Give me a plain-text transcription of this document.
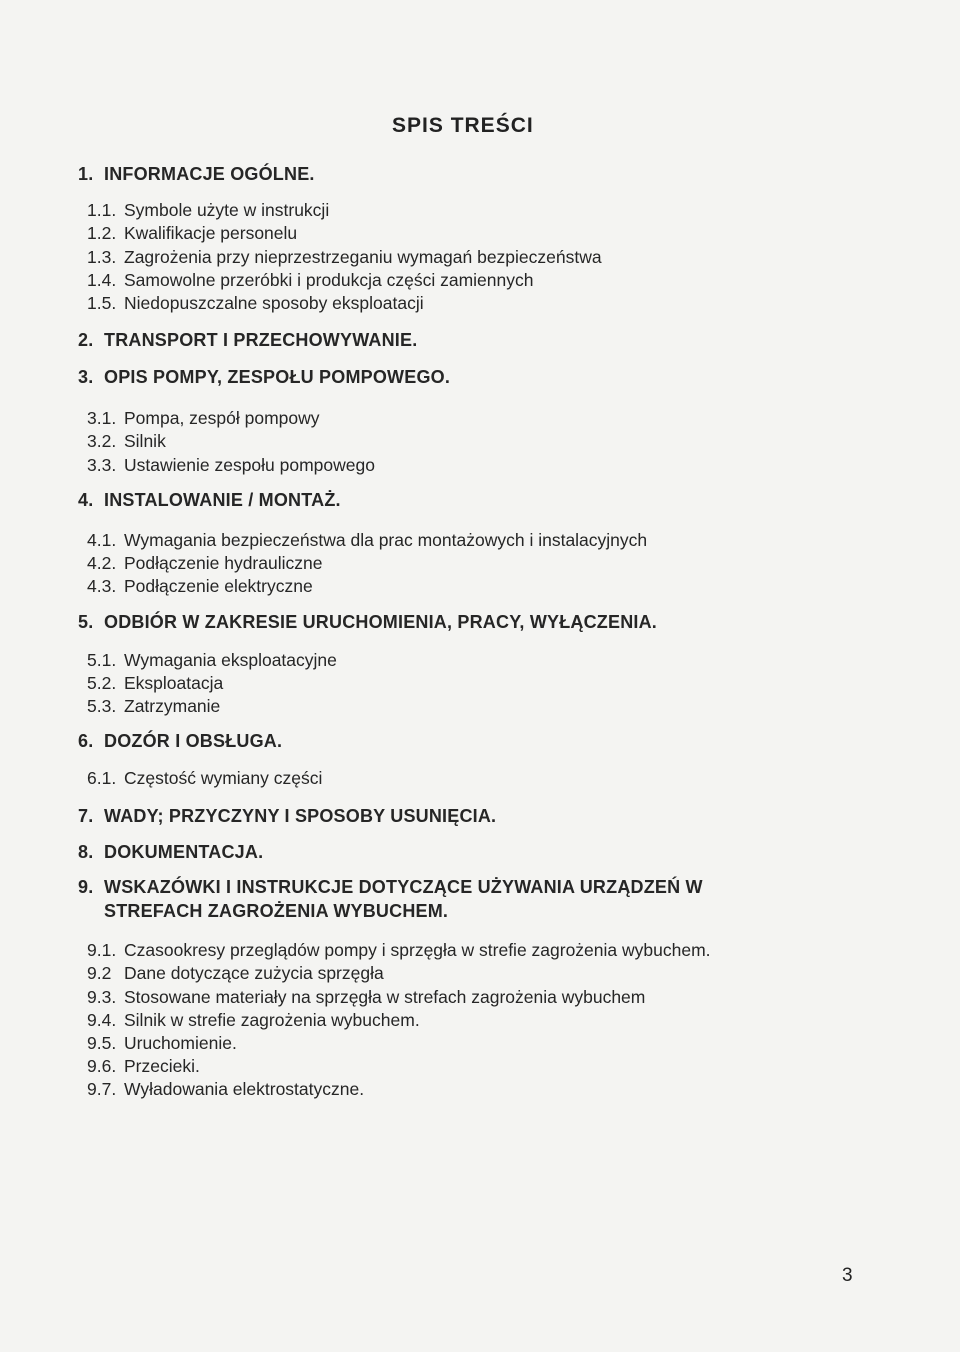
SPIS TREŚCI
1. INFORMACJE OGÓLNE.
1.1. Symbole użyte w instrukcji
1.2. Kwalifikacje personelu
1.3. Zagrożenia przy nieprzestrzeganiu wymagań bezpieczeństwa
1.4. Samowolne przeróbki i produkcja części zamiennych
1.5. Niedopuszczalne sposoby eksploatacji
2. TRANSPORT I PRZECHOWYWANIE.
3. OPIS POMPY, ZESPOŁU POMPOWEGO.
3.1. Pompa, zespół pompowy
3.2. Silnik
3.3. Ustawienie zespołu pompowego
4. INSTALOWANIE / MONTAŻ.
4.1. Wymagania bezpieczeństwa dla prac montażowych i instalacyjnych
4.2. Podłączenie hydrauliczne
4.3. Podłączenie elektryczne
5. ODBIÓR W ZAKRESIE URUCHOMIENIA, PRACY, WYŁĄCZENIA.
5.1. Wymagania eksploatacyjne
5.2. Eksploatacja
5.3. Zatrzymanie
6. DOZÓR I OBSŁUGA.
6.1. Częstość wymiany części
7. WADY; PRZYCZYNY I SPOSOBY USUNIĘCIA.
8. DOKUMENTACJA.
9. WSKAZÓWKI I INSTRUKCJE DOTYCZĄCE UŻYWANIA URZĄDZEŃ W
STREFACH ZAGROŻENIA WYBUCHEM.
9.1. Czasookresy przeglądów pompy i sprzęgła w strefie zagrożenia wybuchem.
9.2 Dane dotyczące zużycia sprzęgła
9.3. Stosowane materiały na sprzęgła w strefach zagrożenia wybuchem
9.4. Silnik w strefie zagrożenia wybuchem.
9.5. Uruchomienie.
9.6. Przecieki.
9.7. Wyładowania elektrostatyczne.
3
